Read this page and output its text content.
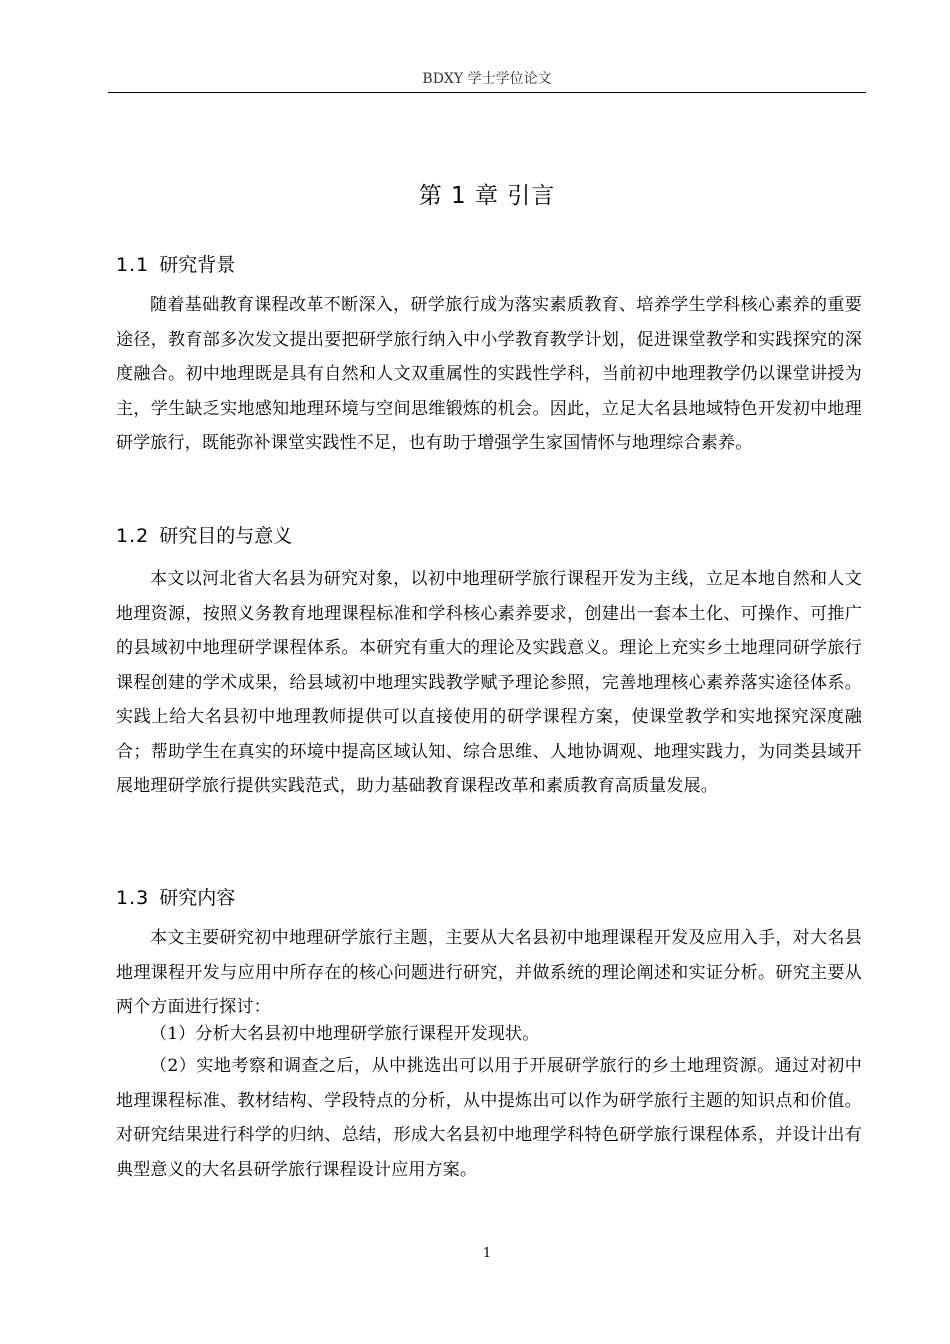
BDXY 学士学位论文
第 1 章 引言
1.1 研究背景

随着基础教育课程改革不断深入，研学旅行成为落实素质教育、培养学生学科核心素养的重要途径，教育部多次发文提出要把研学旅行纳入中小学教育教学计划，促进课堂教学和实践探究的深度融合。初中地理既是具有自然和人文双重属性的实践性学科，当前初中地理教学仍以课堂讲授为主，学生缺乏实地感知地理环境与空间思维锻炼的机会。因此，立足大名县地域特色开发初中地理研学旅行，既能弥补课堂实践性不足，也有助于增强学生家国情怀与地理综合素养。

1.2 研究目的与意义

本文以河北省大名县为研究对象，以初中地理研学旅行课程开发为主线，立足本地自然和人文地理资源，按照义务教育地理课程标准和学科核心素养要求，创建出一套本土化、可操作、可推广的县域初中地理研学课程体系。本研究有重大的理论及实践意义。理论上充实乡土地理同研学旅行课程创建的学术成果，给县域初中地理实践教学赋予理论参照，完善地理核心素养落实途径体系。实践上给大名县初中地理教师提供可以直接使用的研学课程方案，使课堂教学和实地探究深度融合；帮助学生在真实的环境中提高区域认知、综合思维、人地协调观、地理实践力，为同类县域开展地理研学旅行提供实践范式，助力基础教育课程改革和素质教育高质量发展。

1.3 研究内容

本文主要研究初中地理研学旅行主题，主要从大名县初中地理课程开发及应用入手，对大名县地理课程开发与应用中所存在的核心问题进行研究，并做系统的理论阐述和实证分析。研究主要从两个方面进行探讨：

（1）分析大名县初中地理研学旅行课程开发现状。

（2）实地考察和调查之后，从中挑选出可以用于开展研学旅行的乡土地理资源。通过对初中地理课程标准、教材结构、学段特点的分析，从中提炼出可以作为研学旅行主题的知识点和价值。对研究结果进行科学的归纳、总结，形成大名县初中地理学科特色研学旅行课程体系，并设计出有典型意义的大名县研学旅行课程设计应用方案。

1
